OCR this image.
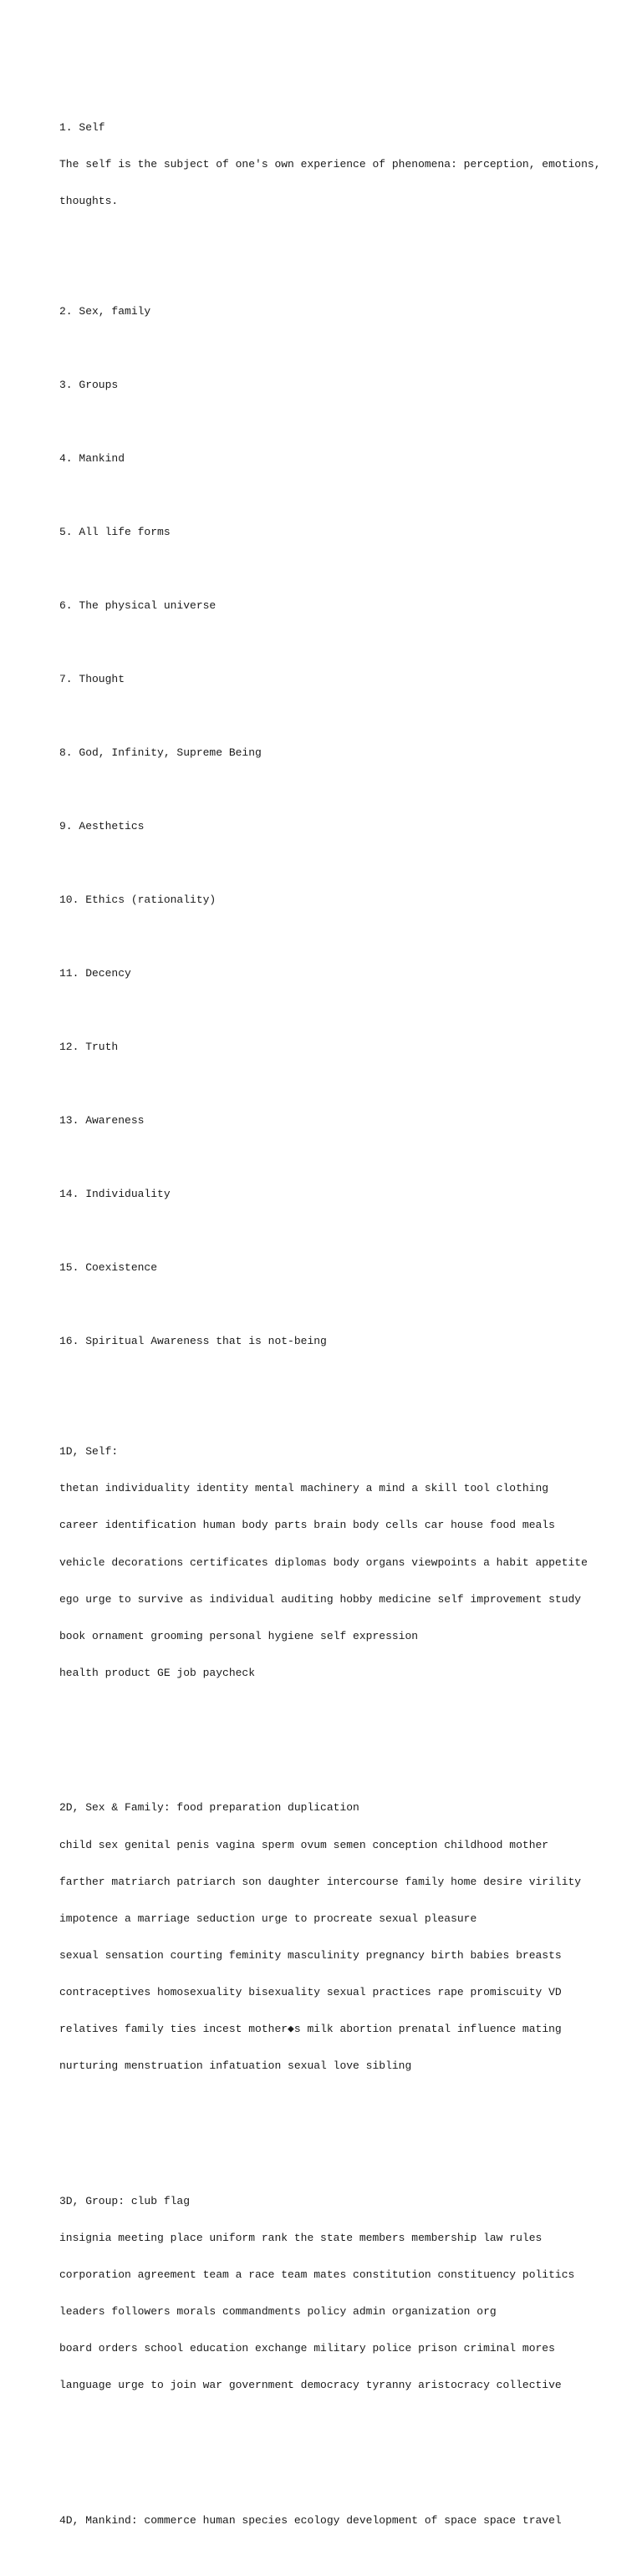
1. Self

The self is the subject of one's own experience of phenomena: perception, emotions,

thoughts.

2. Sex, family

3. Groups

4. Mankind

5. All life forms

6. The physical universe

7. Thought

8. God, Infinity, Supreme Being

9. Aesthetics

10. Ethics (rationality)

11. Decency

12. Truth

13. Awareness

14. Individuality

15. Coexistence

16. Spiritual Awareness that is not-being

1D, Self:

thetan individuality identity mental machinery a mind a skill tool clothing

career identification human body parts brain body cells car house food meals

vehicle decorations certificates diplomas body organs viewpoints a habit appetite

ego urge to survive as individual auditing hobby medicine self improvement study

book ornament grooming personal hygiene self expression

health product GE job paycheck

2D, Sex & Family: food preparation duplication

child sex genital penis vagina sperm ovum semen conception childhood mother

farther matriarch patriarch son daughter intercourse family home desire virility

impotence a marriage seduction urge to procreate sexual pleasure

sexual sensation courting feminity masculinity pregnancy birth babies breasts

contraceptives homosexuality bisexuality sexual practices rape promiscuity VD

relatives family ties incest mother◆s milk abortion prenatal influence mating

nurturing menstruation infatuation sexual love sibling

3D, Group: club flag

insignia meeting place uniform rank the state members membership law rules

corporation agreement team a race team mates constitution constituency politics

leaders followers morals commandments policy admin organization org

board orders school education exchange military police prison criminal mores

language urge to join war government democracy tyranny aristocracy collective

4D, Mankind: commerce human species ecology development of space space travel
